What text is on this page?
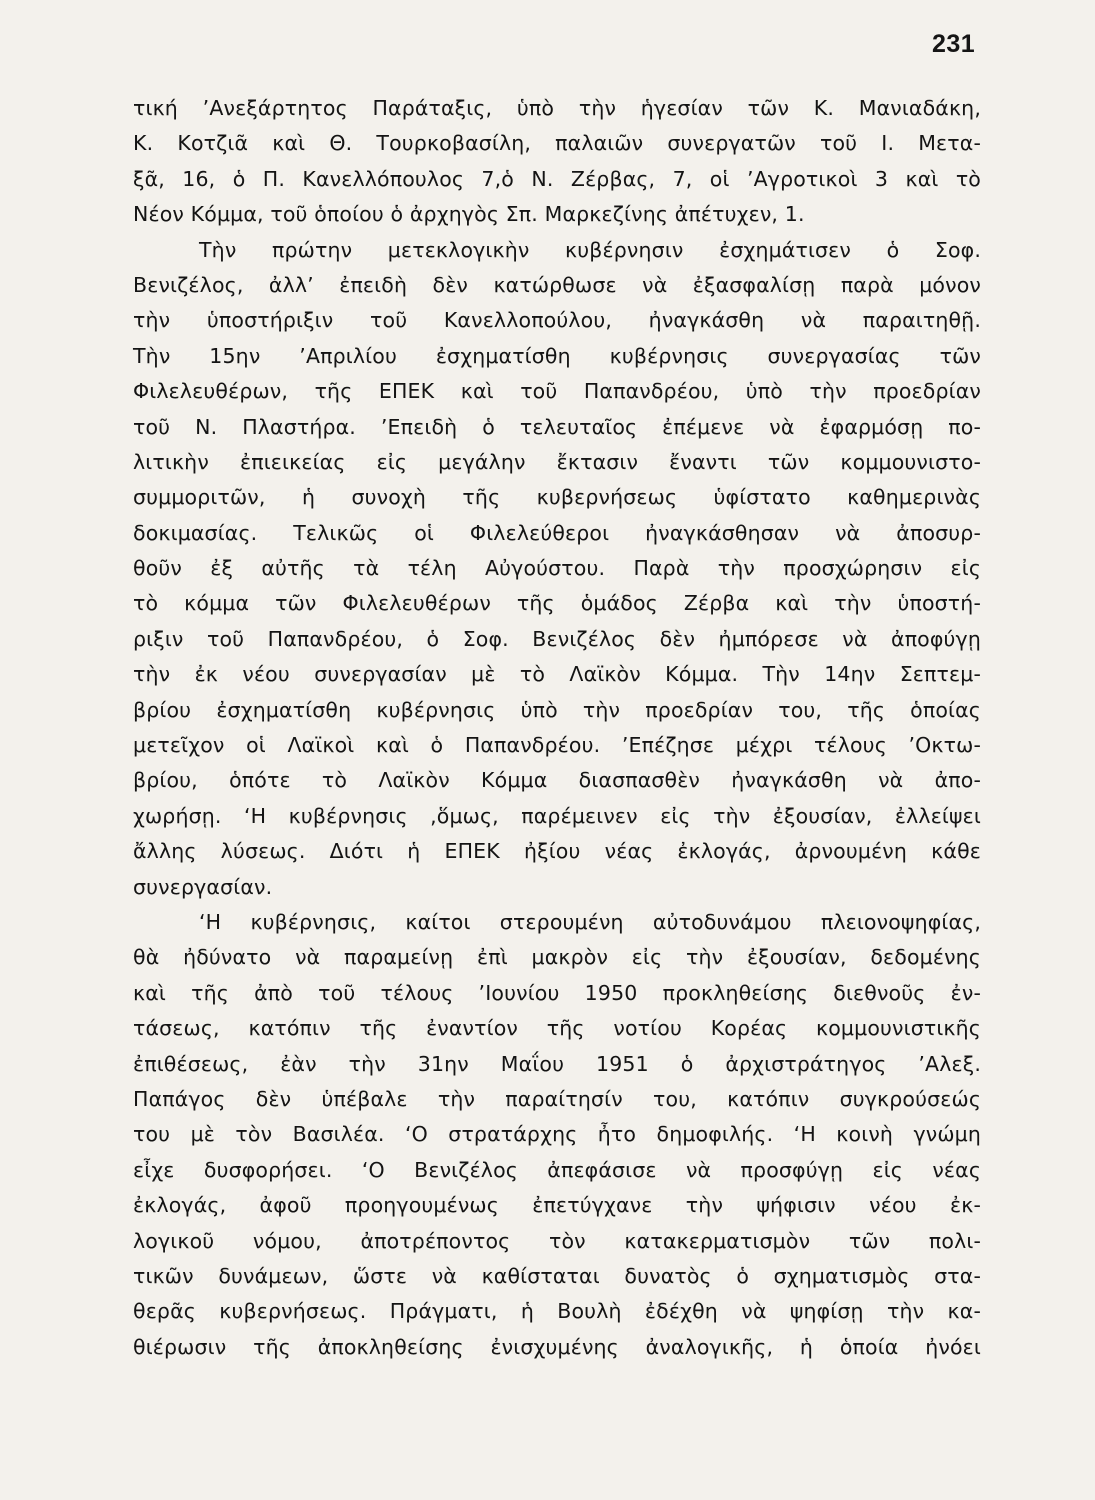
231
τική ’Ανεξάρτητος Παράταξις, ὑπὸ τὴν ἡγεσίαν τῶν Κ. Μανιαδάκη,
Κ. Κοτζιᾶ καὶ Θ. Τουρκοβασίλη, παλαιῶν συνεργατῶν τοῦ Ι. Μετα-
ξᾶ, 16, ὁ Π. Κανελλόπουλος 7,ὁ Ν. Ζέρβας, 7, οἱ ’Αγροτικοὶ 3 καὶ τὸ
Νέον Κόμμα, τοῦ ὁποίου ὁ ἀρχηγὸς Σπ. Μαρκεζίνης ἀπέτυχεν, 1.
Τὴν πρώτην μετεκλογικὴν κυβέρνησιν ἐσχημάτισεν ὁ Σοφ.
Βενιζέλος, ἀλλ’ ἐπειδὴ δὲν κατώρθωσε νὰ ἐξασφαλίσῃ παρὰ μόνον
τὴν ὑποστήριξιν τοῦ Κανελλοπούλου, ἠναγκάσθη νὰ παραιτηθῇ.
Τὴν 15ην ’Απριλίου ἐσχηματίσθη κυβέρνησις συνεργασίας τῶν
Φιλελευθέρων, τῆς ΕΠΕΚ καὶ τοῦ Παπανδρέου, ὑπὸ τὴν προεδρίαν
τοῦ Ν. Πλαστήρα. ’Επειδὴ ὁ τελευταῖος ἐπέμενε νὰ ἐφαρμόσῃ πο-
λιτικὴν ἐπιεικείας εἰς μεγάλην ἔκτασιν ἔναντι τῶν κομμουνιστο-
συμμοριτῶν, ἡ συνοχὴ τῆς κυβερνήσεως ὑφίστατο καθημερινὰς
δοκιμασίας. Τελικῶς οἱ Φιλελεύθεροι ἠναγκάσθησαν νὰ ἀποσυρ-
θοῦν ἐξ αὐτῆς τὰ τέλη Αὐγούστου. Παρὰ τὴν προσχώρησιν εἰς
τὸ κόμμα τῶν Φιλελευθέρων τῆς ὁμάδος Ζέρβα καὶ τὴν ὑποστή-
ριξιν τοῦ Παπανδρέου, ὁ Σοφ. Βενιζέλος δὲν ἠμπόρεσε νὰ ἀποφύγῃ
τὴν ἐκ νέου συνεργασίαν μὲ τὸ Λαϊκὸν Κόμμα. Τὴν 14ην Σεπτεμ-
βρίου ἐσχηματίσθη κυβέρνησις ὑπὸ τὴν προεδρίαν του, τῆς ὁποίας
μετεῖχον οἱ Λαϊκοὶ καὶ ὁ Παπανδρέου. ’Επέζησε μέχρι τέλους ’Οκτω-
βρίου, ὁπότε τὸ Λαϊκὸν Κόμμα διασπασθὲν ἠναγκάσθη νὰ ἀπο-
χωρήσῃ. ‘Η κυβέρνησις ,ὅμως, παρέμεινεν εἰς τὴν ἐξουσίαν, ἐλλείψει
ἄλλης λύσεως. Διότι ἡ ΕΠΕΚ ἠξίου νέας ἐκλογάς, ἀρνουμένη κάθε
συνεργασίαν.
‘Η κυβέρνησις, καίτοι στερουμένη αὐτοδυνάμου πλειονοψηφίας,
θὰ ἠδύνατο νὰ παραμείνῃ ἐπὶ μακρὸν εἰς τὴν ἐξουσίαν, δεδομένης
καὶ τῆς ἀπὸ τοῦ τέλους ’Ιουνίου 1950 προκληθείσης διεθνοῦς ἐν-
τάσεως, κατόπιν τῆς ἐναντίον τῆς νοτίου Κορέας κομμουνιστικῆς
ἐπιθέσεως, ἐὰν τὴν 31ην Μαΐου 1951 ὁ ἀρχιστράτηγος ’Αλεξ.
Παπάγος δὲν ὑπέβαλε τὴν παραίτησίν του, κατόπιν συγκρούσεώς
του μὲ τὸν Βασιλέα. ‘Ο στρατάρχης ἦτο δημοφιλής. ‘Η κοινὴ γνώμη
εἶχε δυσφορήσει. ‘Ο Βενιζέλος ἀπεφάσισε νὰ προσφύγῃ εἰς νέας
ἐκλογάς, ἀφοῦ προηγουμένως ἐπετύγχανε τὴν ψήφισιν νέου ἐκ-
λογικοῦ νόμου, ἀποτρέποντος τὸν κατακερματισμὸν τῶν πολι-
τικῶν δυνάμεων, ὥστε νὰ καθίσταται δυνατὸς ὁ σχηματισμὸς στα-
θερᾶς κυβερνήσεως. Πράγματι, ἡ Βουλὴ ἐδέχθη νὰ ψηφίσῃ τὴν κα-
θιέρωσιν τῆς ἀποκληθείσης ἐνισχυμένης ἀναλογικῆς, ἡ ὁποία ἠνόει
